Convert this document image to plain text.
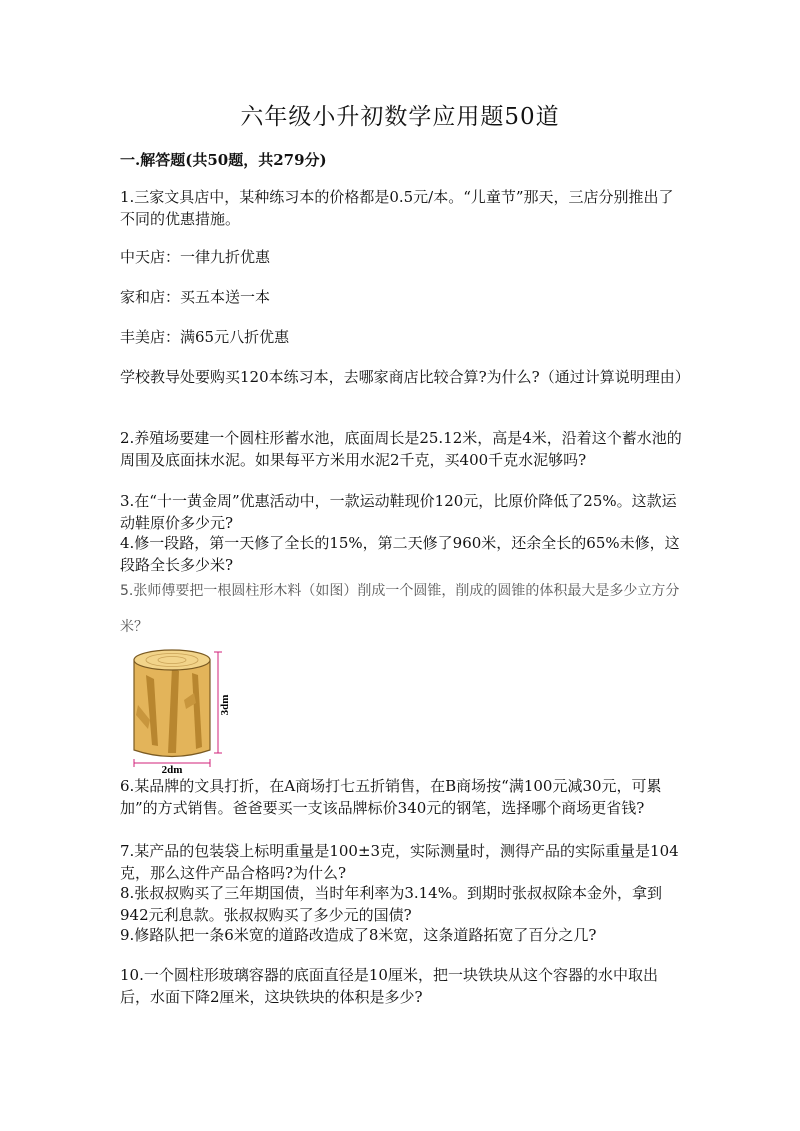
六年级小升初数学应用题50道
一.解答题(共50题，共279分)

1.三家文具店中，某种练习本的价格都是0.5元/本。“儿童节”那天，三店分别推出了不同的优惠措施。

中天店：一律九折优惠

家和店：买五本送一本

丰美店：满65元八折优惠

学校教导处要购买120本练习本，去哪家商店比较合算?为什么?（通过计算说明理由）

2.养殖场要建一个圆柱形蓄水池，底面周长是25.12米，高是4米，沿着这个蓄水池的周围及底面抹水泥。如果每平方米用水泥2千克，买400千克水泥够吗?

3.在“十一黄金周”优惠活动中，一款运动鞋现价120元，比原价降低了25%。这款运动鞋原价多少元?

4.修一段路，第一天修了全长的15%，第二天修了960米，还余全长的65%未修，这段路全长多少米?

5.张师傅要把一根圆柱形木料（如图）削成一个圆锥，削成的圆锥的体积最大是多少立方分米？

3dm
2dm

6.某品牌的文具打折，在A商场打七五折销售，在B商场按“满100元减30元，可累加”的方式销售。爸爸要买一支该品牌标价340元的钢笔，选择哪个商场更省钱?

7.某产品的包装袋上标明重量是100±3克，实际测量时，测得产品的实际重量是104克，那么这件产品合格吗?为什么?

8.张叔叔购买了三年期国债，当时年利率为3.14%。到期时张叔叔除本金外，拿到942元利息款。张叔叔购买了多少元的国债?

9.修路队把一条6米宽的道路改造成了8米宽，这条道路拓宽了百分之几?

10.一个圆柱形玻璃容器的底面直径是10厘米，把一块铁块从这个容器的水中取出后，水面下降2厘米，这块铁块的体积是多少?
